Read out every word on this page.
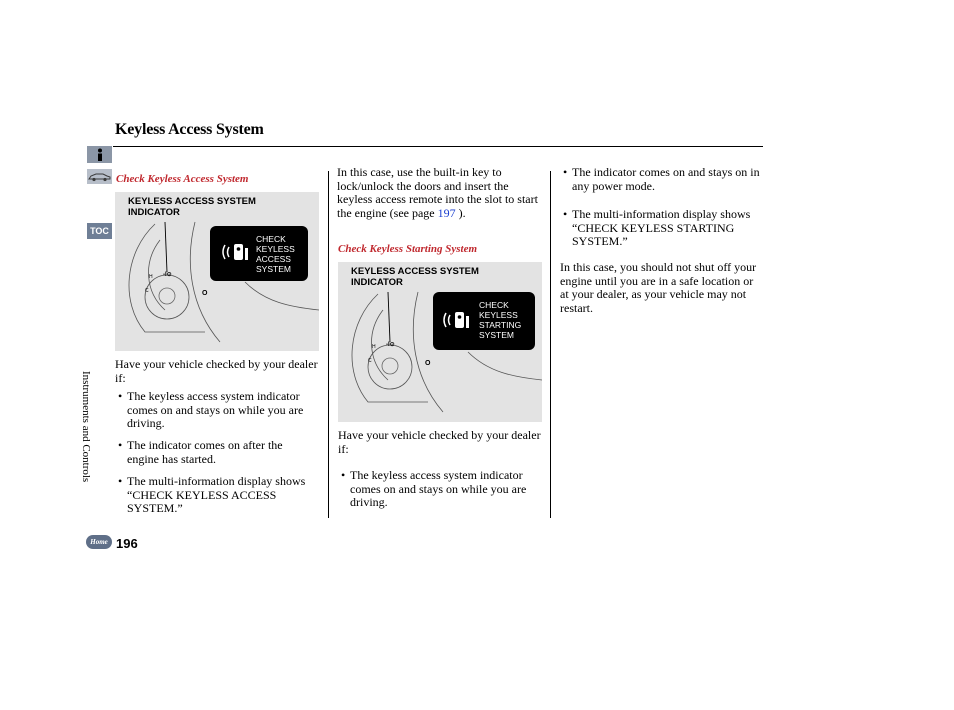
Keyless Access System
TOC
Instruments and Controls
Home 196
Check Keyless Access System
KEYLESS ACCESS SYSTEM
INDICATOR
-I⊙
O
H
C
CHECK
KEYLESS
ACCESS
SYSTEM
Have your vehicle checked by your dealer if:
• The keyless access system indicator comes on and stays on while you are driving.
• The indicator comes on after the engine has started.
• The multi-information display shows “CHECK KEYLESS ACCESS SYSTEM.”
In this case, use the built-in key to lock/unlock the doors and insert the keyless access remote into the slot to start the engine (see page 197 ).
Check Keyless Starting System
KEYLESS ACCESS SYSTEM
INDICATOR
-I⊙
O
H
C
CHECK
KEYLESS
STARTING
SYSTEM
Have your vehicle checked by your dealer if:
• The keyless access system indicator comes on and stays on while you are driving.
• The indicator comes on and stays on in any power mode.
• The multi-information display shows “CHECK KEYLESS STARTING SYSTEM.”
In this case, you should not shut off your engine until you are in a safe location or at your dealer, as your vehicle may not restart.
